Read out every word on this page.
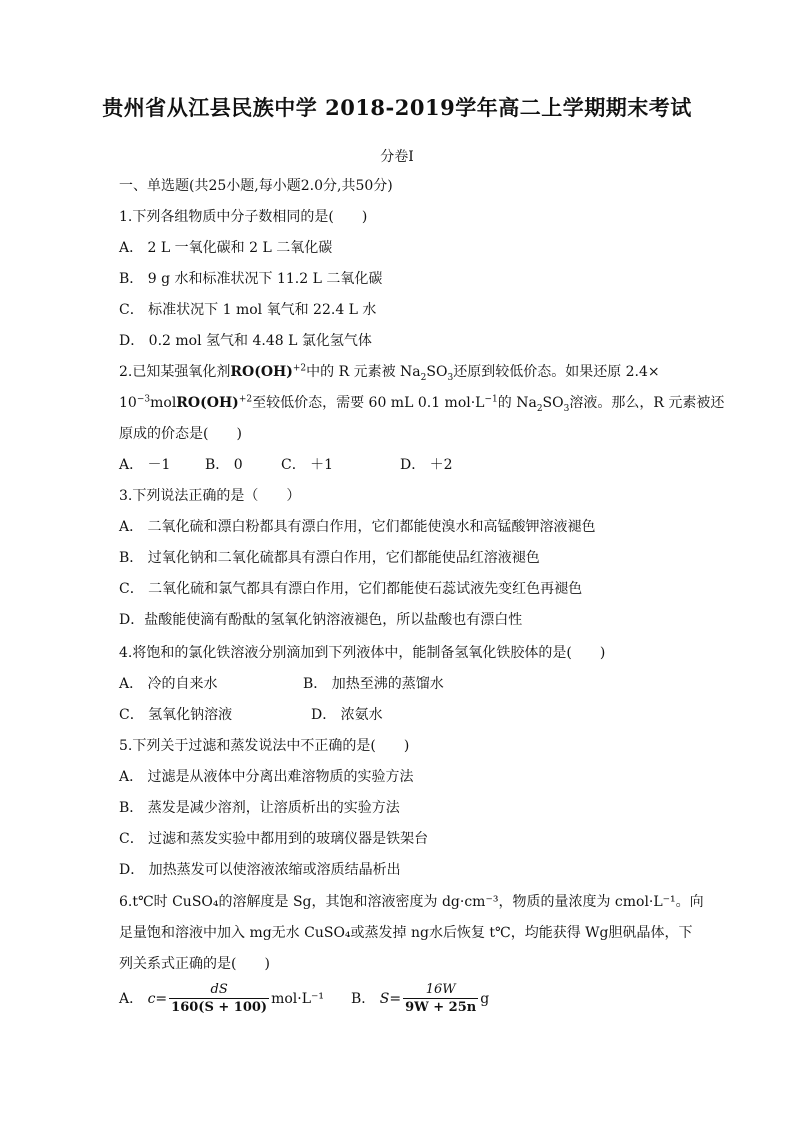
贵州省从江县民族中学 2018-2019学年高二上学期期末考试
分卷I
一、单选题(共25小题,每小题2.0分,共50分)
1.下列各组物质中分子数相同的是(　　)
A． 2 L 一氧化碳和 2 L 二氧化碳
B． 9 g 水和标准状况下 11.2 L 二氧化碳
C． 标准状况下 1 mol 氧气和 22.4 L 水
D． 0.2 mol 氢气和 4.48 L 氯化氢气体
2.已知某强氧化剂RO(OH)$^{+2}$中的 R 元素被 $Na_2SO_3$还原到较低价态。如果还原 2.4×
$10^{-3}molRO(OH)^{+2}$至较低价态，需要 60 mL 0.1 $mol\cdot L^{-1}$的 $Na_2SO_3$溶液。那么，R 元素被还
原成的价态是(　　)
A． －1 B． 0	C． ＋1	D． ＋2
3.下列说法正确的是（　　）
A． 二氧化硫和漂白粉都具有漂白作用，它们都能使溴水和高锰酸钾溶液褪色
B． 过氧化钠和二氧化硫都具有漂白作用，它们都能使品红溶液褪色
C． 二氧化硫和氯气都具有漂白作用，它们都能使石蕊试液先变红色再褪色
D．盐酸能使滴有酚酞的氢氧化钠溶液褪色，所以盐酸也有漂白性
4.将饱和的氯化铁溶液分别滴加到下列液体中，能制备氢氧化铁胶体的是(　　)
A． 冷的自来水	B． 加热至沸的蒸馏水
C． 氢氧化钠溶液	D． 浓氨水
5.下列关于过滤和蒸发说法中不正确的是(　　)
A． 过滤是从液体中分离出难溶物质的实验方法
B． 蒸发是减少溶剂，让溶质析出的实验方法
C． 过滤和蒸发实验中都用到的玻璃仪器是铁架台
D． 加热蒸发可以使溶液浓缩或溶质结晶析出
6.t℃时 CuSO₄的溶解度是 Sg，其饱和溶液密度为 dg·cm⁻³，物质的量浓度为 cmol·L⁻¹。向
足量饱和溶液中加入 mg无水 CuSO₄或蒸发掉 ng水后恢复 t℃，均能获得 Wg胆矾晶体，下
列关系式正确的是(　　)
A． $c= \frac{dS}{160(S + 100)} mol\cdot L^{-1}$ B． $S= \frac{16W}{9W + 25n}$ g
